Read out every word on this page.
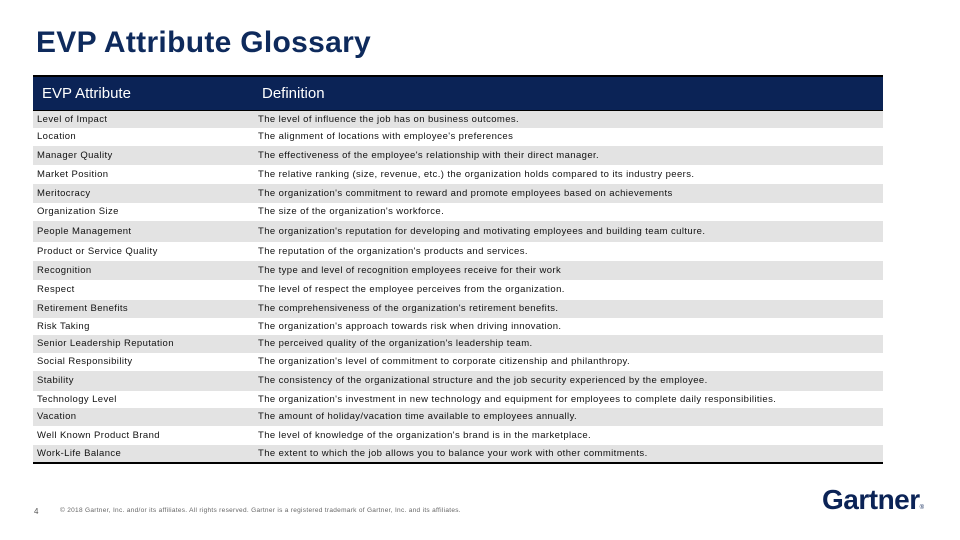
EVP Attribute Glossary
EVP Attribute	Definition
Level of Impact	The level of influence the job has on business outcomes.
Location	The alignment of locations with employee's preferences
Manager Quality	The effectiveness of the employee's relationship with their direct manager.
Market Position	The relative ranking (size, revenue, etc.) the organization holds compared to its industry peers.
Meritocracy	The organization's commitment to reward and promote employees based on achievements
Organization Size	The size of the organization's workforce.
People Management	The organization's reputation for developing and motivating employees and building team culture.
Product or Service Quality	The reputation of the organization's products and services.
Recognition	The type and level of recognition employees receive for their work
Respect	The level of respect the employee perceives from the organization.
Retirement Benefits	The comprehensiveness of the organization's retirement benefits.
Risk Taking	The organization's approach towards risk when driving innovation.
Senior Leadership Reputation	The perceived quality of the organization's leadership team.
Social Responsibility	The organization's level of commitment to corporate citizenship and philanthropy.
Stability	The consistency of the organizational structure and the job security experienced by the employee.
Technology Level	The organization's investment in new technology and equipment for employees to complete daily responsibilities.
Vacation	The amount of holiday/vacation time available to employees annually.
Well Known Product Brand	The level of knowledge of the organization's brand is in the marketplace.
Work-Life Balance	The extent to which the job allows you to balance your work with other commitments.
4	© 2018 Gartner, Inc. and/or its affiliates. All rights reserved. Gartner is a registered trademark of Gartner, Inc. and its affiliates.	Gartner®
